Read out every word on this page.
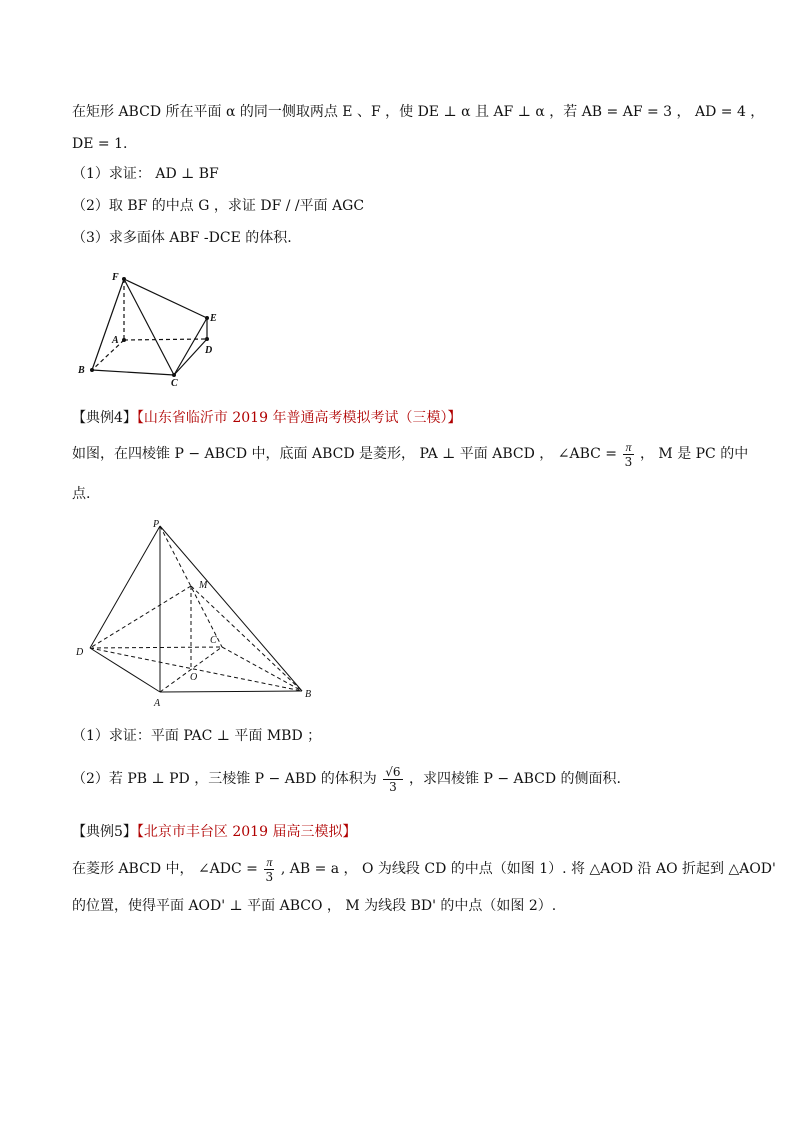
在矩形 ABCD 所在平面 α 的同一侧取两点 E 、F ，使 DE ⊥ α 且 AF ⊥ α ，若 AB = AF = 3 ， AD = 4 ，
DE = 1.
（1）求证： AD ⊥ BF
（2）取 BF 的中点 G ，求证 DF / /平面 AGC
（3）求多面体 ABF -DCE 的体积.
F
E
A
D
B
C
【典例4】【山东省临沂市 2019 年普通高考模拟考试（三模）】
如图，在四棱锥 P − ABCD 中，底面 ABCD 是菱形， PA ⊥ 平面 ABCD ， ∠ABC = $\frac{\pi}{3}$ ， M 是 PC 的中
点.
P
M
C
D
O
A
B
（1）求证：平面 PAC ⊥ 平面 MBD ；
（2）若 PB ⊥ PD ，三棱锥 P − ABD 的体积为 $\frac{√6}{3}$ ，求四棱锥 P − ABCD 的侧面积.
【典例5】【北京市丰台区 2019 届高三模拟】
在菱形 ABCD 中， ∠ADC = $\frac{\pi}{3}$ , AB = a ， O 为线段 CD 的中点（如图 1）. 将 △AOD 沿 AO 折起到 △AOD'
的位置，使得平面 AOD' ⊥ 平面 ABCO ， M 为线段 BD' 的中点（如图 2）.
